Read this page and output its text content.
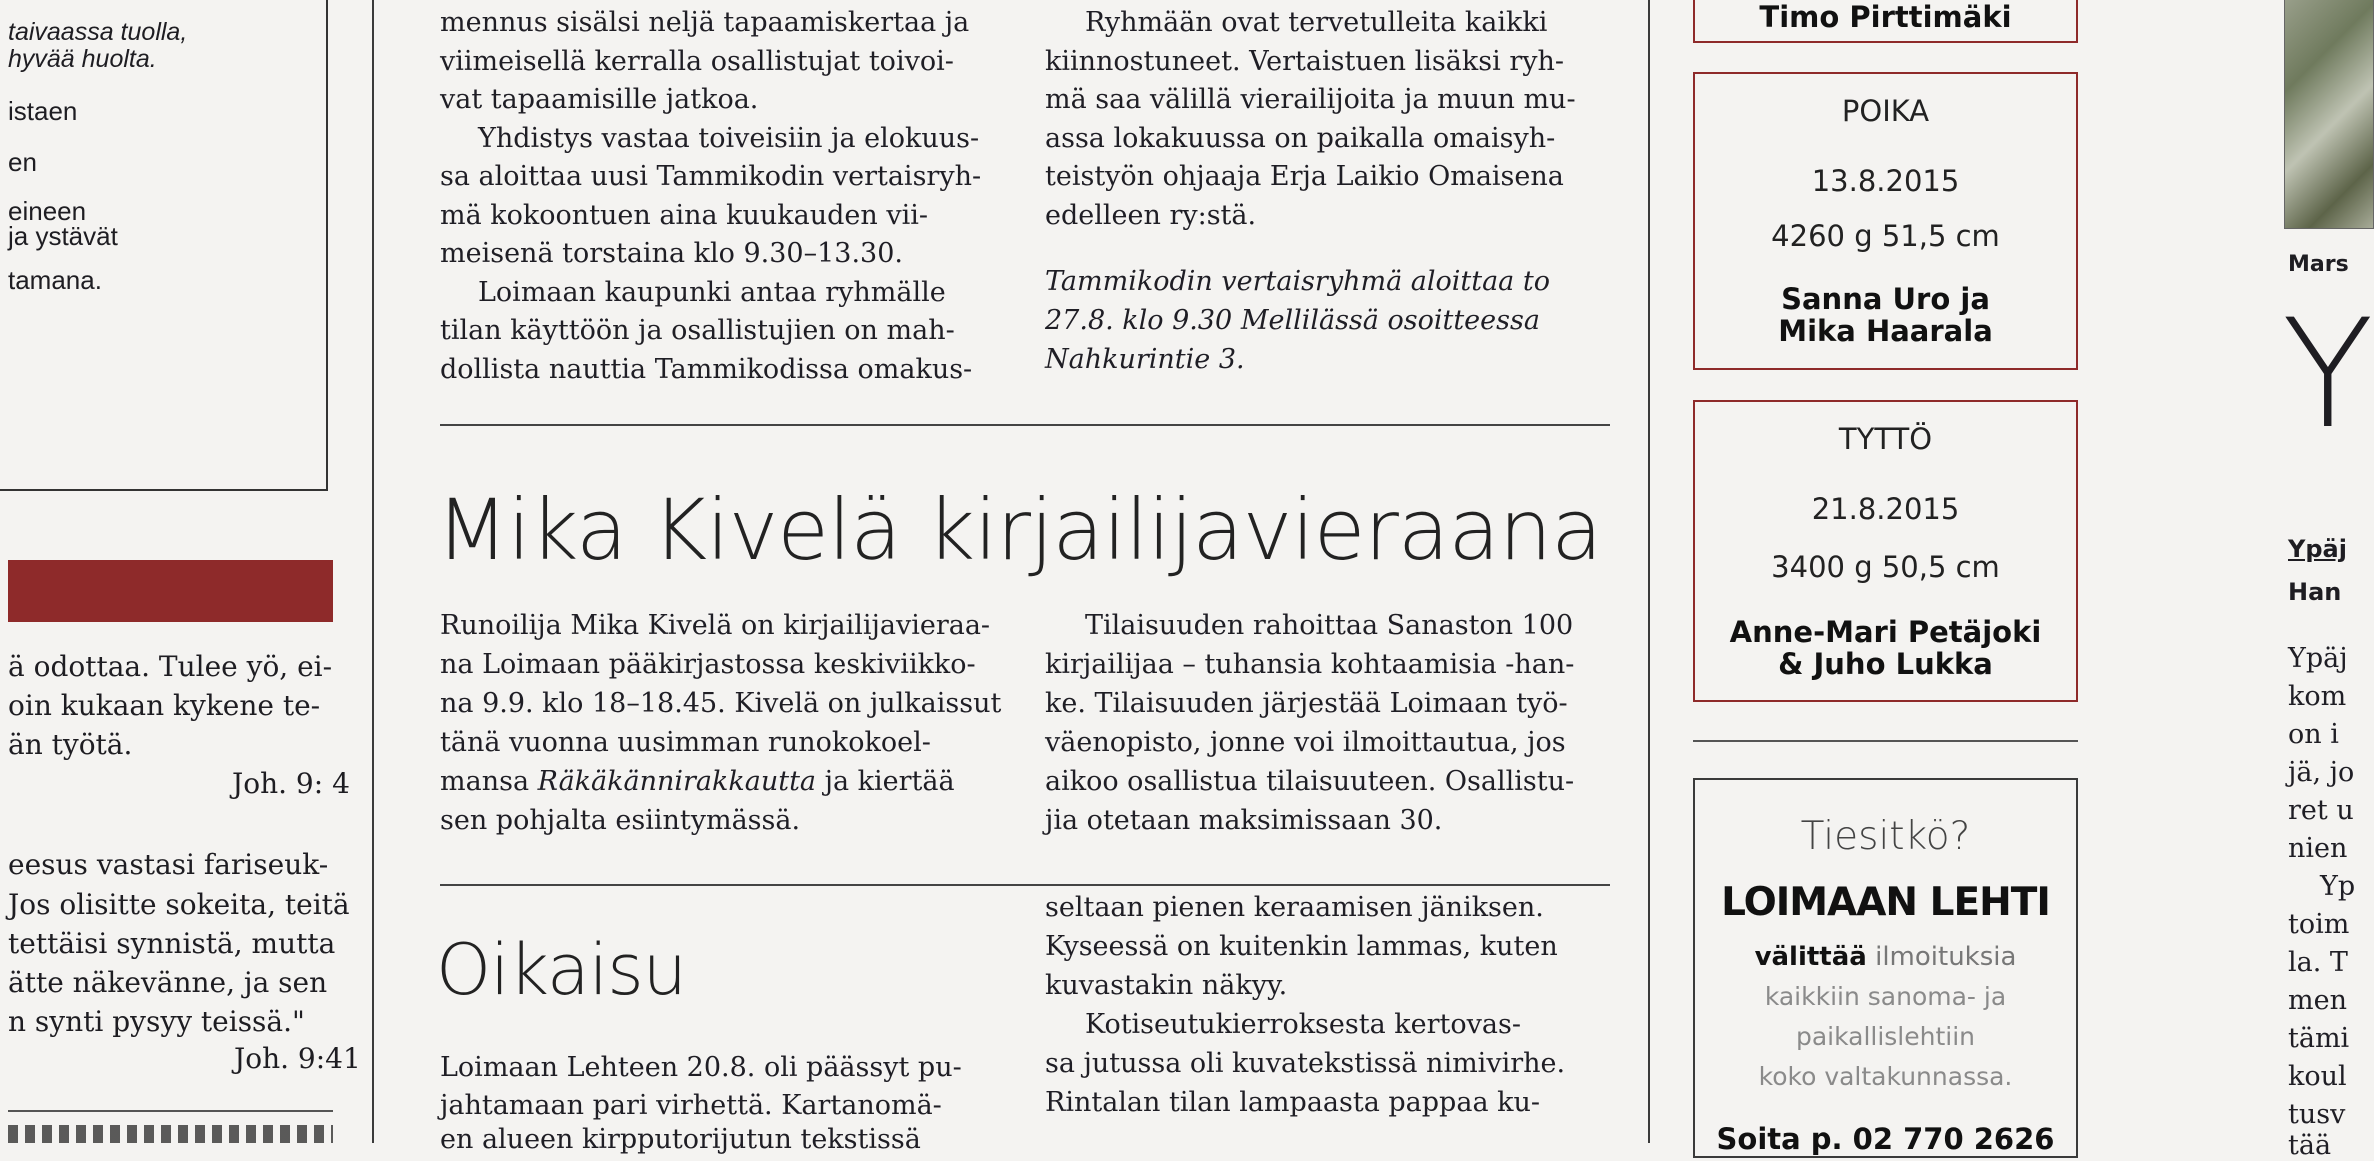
taivaassa tuolla,
hyvää huolta.
istaen
en
eineen
ja ystävät
tamana.
ä odottaa. Tulee yö, ei-
oin kukaan kykene te-
än työtä.
Joh. 9: 4
eesus vastasi fariseuk-
Jos olisitte sokeita, teitä
tettäisi synnistä, mutta
ätte näkevänne, ja sen
n synti pysyy teissä."
Joh. 9:41
mennus sisälsi neljä tapaamiskertaa ja
viimeisellä kerralla osallistujat toivoi-
vat tapaamisille jatkoa.
Yhdistys vastaa toiveisiin ja elokuus-
sa aloittaa uusi Tammikodin vertaisryh-
mä kokoontuen aina kuukauden vii-
meisenä torstaina klo 9.30–13.30.
Loimaan kaupunki antaa ryhmälle
tilan käyttöön ja osallistujien on mah-
dollista nauttia Tammikodissa omakus-
Ryhmään ovat tervetulleita kaikki
kiinnostuneet. Vertaistuen lisäksi ryh-
mä saa välillä vierailijoita ja muun mu-
assa lokakuussa on paikalla omaisyh-
teistyön ohjaaja Erja Laikio Omaisena
edelleen ry:stä.
Tammikodin vertaisryhmä aloittaa to
27.8. klo 9.30 Mellilässä osoitteessa
Nahkurintie 3.
Mika Kivelä kirjailijavieraana
Runoilija Mika Kivelä on kirjailijavieraa-
na Loimaan pääkirjastossa keskiviikko-
na 9.9. klo 18–18.45. Kivelä on julkaissut
tänä vuonna uusimman runokokoel-
mansa Räkäkännirakkautta ja kiertää
sen pohjalta esiintymässä.
Tilaisuuden rahoittaa Sanaston 100
kirjailijaa – tuhansia kohtaamisia -han-
ke. Tilaisuuden järjestää Loimaan työ-
väenopisto, jonne voi ilmoittautua, jos
aikoo osallistua tilaisuuteen. Osallistu-
jia otetaan maksimissaan 30.
Oikaisu
Loimaan Lehteen 20.8. oli päässyt pu-
jahtamaan pari virhettä. Kartanomä-
en alueen kirpputorijutun tekstissä
seltaan pienen keraamisen jäniksen.
Kyseessä on kuitenkin lammas, kuten
kuvastakin näkyy.
Kotiseutukierroksesta kertovas-
sa jutussa oli kuvatekstissä nimivirhe.
Rintalan tilan lampaasta pappaa ku-
Timo Pirttimäki
POIKA
13.8.2015
4260 g 51,5 cm
Sanna Uro ja
Mika Haarala
TYTTÖ
21.8.2015
3400 g 50,5 cm
Anne-Mari Petäjoki
& Juho Lukka
Tiesitkö?
LOIMAAN LEHTI
välittää ilmoituksia
kaikkiin sanoma- ja
paikallislehtiin
koko valtakunnassa.
Soita p. 02 770 2626
Mars
Y
Ypäj
Han
Ypäj
kom
on i
jä, jo
ret u
nien
Yp
toim
la. T
men
tämi
koul
tusv
tää
